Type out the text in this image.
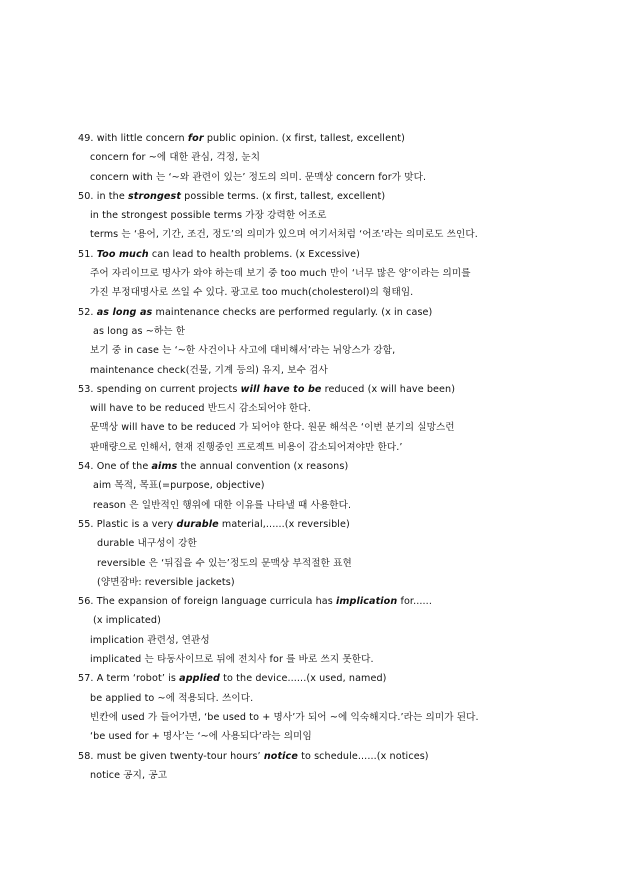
49. with little concern for public opinion. (x first, tallest, excellent)
concern for ~에 대한 관심, 걱정, 눈치
concern with 는 ‘~와 관련이 있는’ 정도의 의미. 문맥상 concern for가 맞다.
50. in the strongest possible terms. (x first, tallest, excellent)
in the strongest possible terms 가장 강력한 어조로
terms 는 ‘용어, 기간, 조건, 정도’의 의미가 있으며 여기서처럼 ‘어조’라는 의미로도 쓰인다.
51. Too much can lead to health problems. (x Excessive)
주어 자리이므로 명사가 와야 하는데 보기 중 too much 만이 ‘너무 많은 양’이라는 의미를
가진 부정대명사로 쓰일 수 있다. 광고로 too much(cholesterol)의 형태임.
52. as long as maintenance checks are performed regularly. (x in case)
as long as ~하는 한
보기 중 in case 는 ‘~한 사건이나 사고에 대비해서’라는 뉘앙스가 강함,
maintenance check(건물, 기계 등의) 유지, 보수 검사
53. spending on current projects will have to be reduced (x will have been)
will have to be reduced 반드시 감소되어야 한다.
문맥상 will have to be reduced 가 되어야 한다. 원문 해석은 ‘이번 분기의 실망스런
판매량으로 인해서, 현재 진행중인 프로젝트 비용이 감소되어져야만 한다.’
54. One of the aims the annual convention (x reasons)
aim 목적, 목표(=purpose, objective)
reason 은 일반적인 행위에 대한 이유를 나타낼 때 사용한다.
55. Plastic is a very durable material,......(x reversible)
durable 내구성이 강한
reversible 은 ‘뒤집을 수 있는’정도의 문맥상 부적절한 표현
(양면잠바: reversible jackets)
56. The expansion of foreign language curricula has implication for......
(x implicated)
implication 관련성, 연관성
implicated 는 타동사이므로 뒤에 전치사 for 를 바로 쓰지 못한다.
57. A term ‘robot’ is applied to the device......(x used, named)
be applied to ~에 적용되다. 쓰이다.
빈칸에 used 가 들어가면, ‘be used to + 명사’가 되어 ~에 익숙해지다.’라는 의미가 된다.
‘be used for + 명사’는 ‘~에 사용되다’라는 의미임
58. must be given twenty-tour hours’ notice to schedule......(x notices)
notice 공지, 공고
